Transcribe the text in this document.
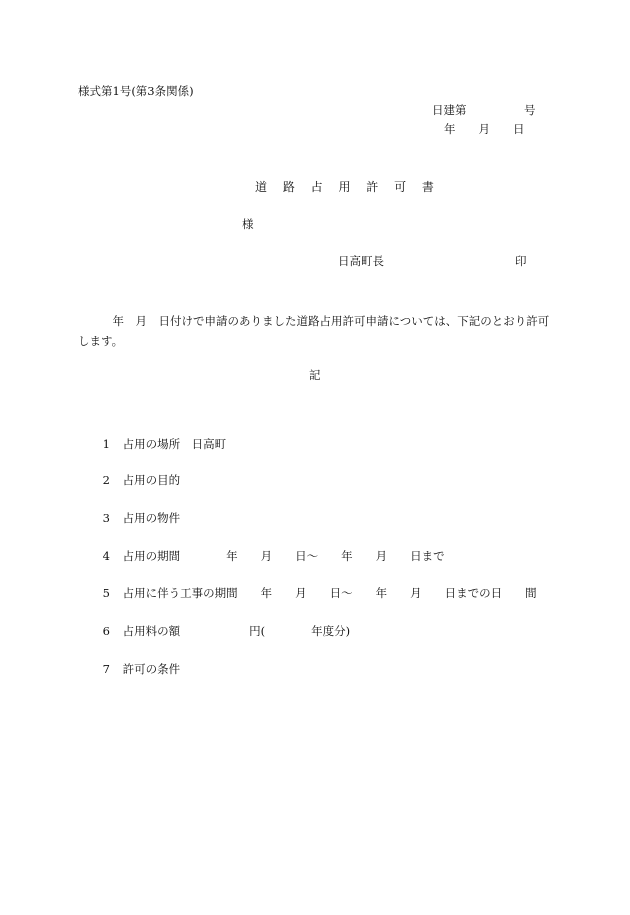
様式第1号(第3条関係)
日建第　　　　　号
年　　月　　日
道 路 占 用 許 可 書
様
日高町長	印
　　　年　月　日付けで申請のありました道路占用許可申請については、下記のとおり許可します。
記

1 占用の場所　日高町

2 占用の目的

3 占用の物件

4 占用の期間　　　　年　　月　　日～　　年　　月　　日まで

5 占用に伴う工事の期間　　年　　月　　日～　　年　　月　　日までの日　　間

6 占用料の額　　　　　　円(　　　　年度分)

7 許可の条件
